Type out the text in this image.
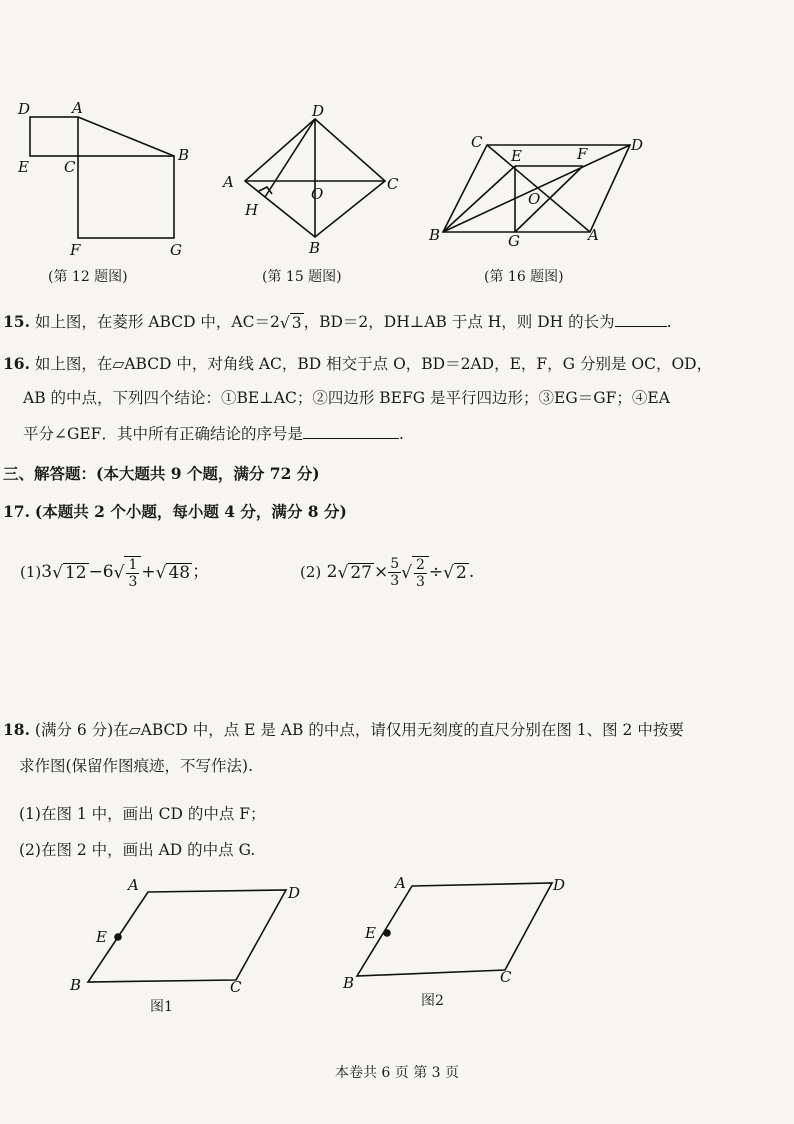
D	A
E C
B
F	G
(第 12 题图)
D
A
O
C
H
B
(第 15 题图)
C
E	F	D
O
B	G	A
(第 16 题图)
15. 如上图，在菱形 ABCD 中，AC＝2√ 3 ，BD＝2，DH⊥AB 于点 H，则 DH 的长为	.
16. 如上图，在▱ABCD 中，对角线 AC，BD 相交于点 O，BD＝2AD，E，F，G 分别是 OC，OD，
AB 的中点，下列四个结论：①BE⊥AC；②四边形 BEFG 是平行四边形；③EG＝GF；④EA
平分∠GEF．其中所有正确结论的序号是	.
三、解答题：(本大题共 9 个题，满分 72 分)
17. (本题共 2 个小题，每小题 4 分，满分 8 分)
(1)3√ $12 -6√ \frac{1}{3}$ +√ 48 ；	(2) 2√ $27 \times \frac{5}{3}$ √ $\frac{2}{3}$ ÷√ 2 .
18. (满分 6 分)在▱ABCD 中，点 E 是 AB 的中点，请仅用无刻度的直尺分别在图 1、图 2 中按要
求作图(保留作图痕迹，不写作法).
(1)在图 1 中，画出 CD 的中点 F；
(2)在图 2 中，画出 AD 的中点 G.
A	D
E
B	C
图1
A	D
E
B	C
图2
本卷共 6 页 第 3 页
